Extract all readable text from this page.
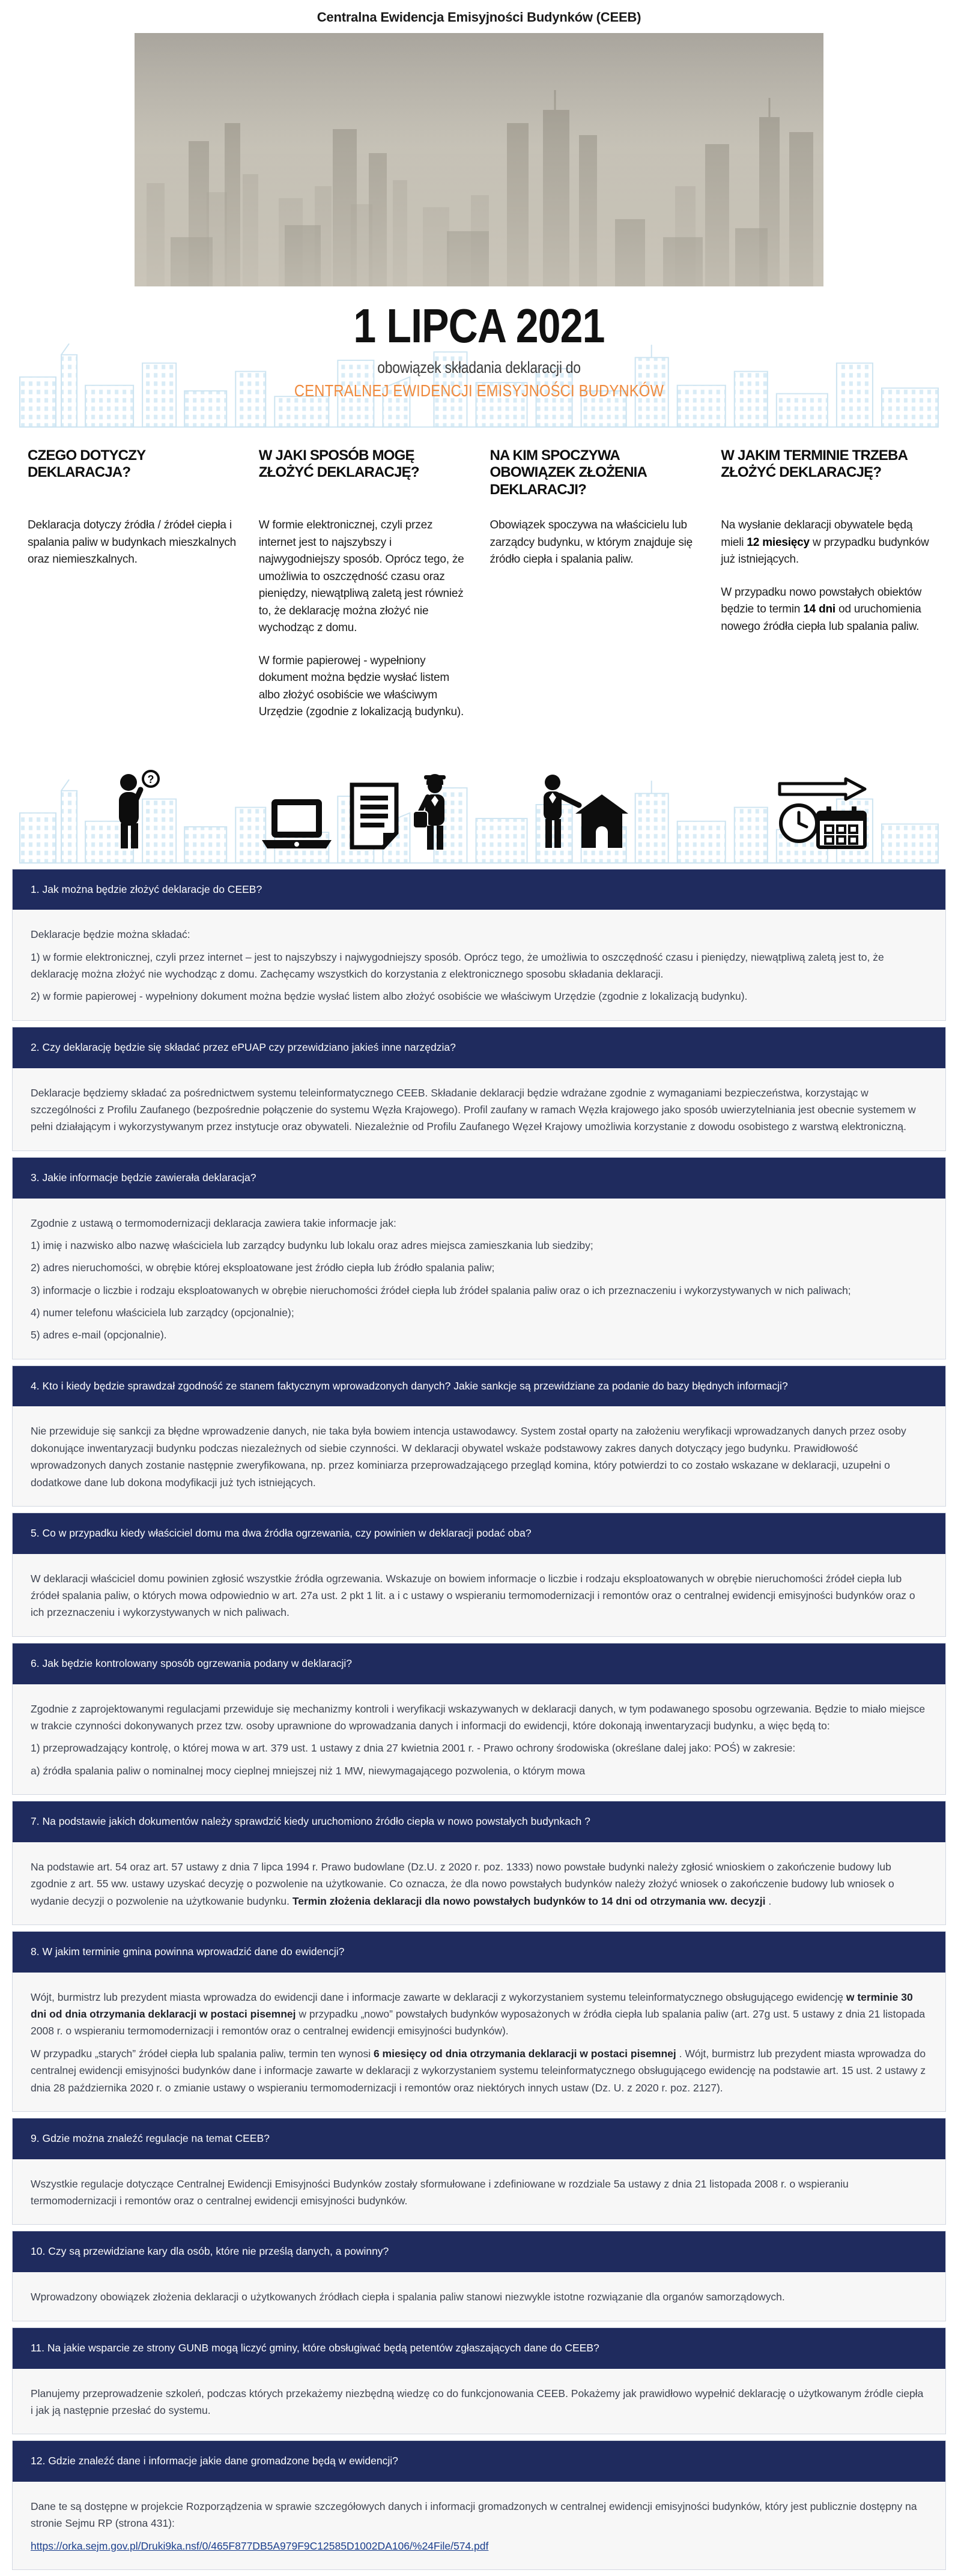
Centralna Ewidencja Emisyjności Budynków (CEEB)
1 LIPCA 2021
obowiązek składania deklaracji do
CENTRALNEJ EWIDENCJI EMISYJNOŚCI BUDYNKÓW
CZEGO DOTYCZY DEKLARACJA?

Deklaracja dotyczy źródła / źródeł ciepła i spalania paliw w budynkach mieszkalnych oraz niemieszkalnych.

W JAKI SPOSÓB MOGĘ ZŁOŻYĆ DEKLARACJĘ?

W formie elektronicznej, czyli przez internet jest to najszybszy i najwygodniejszy sposób. Oprócz tego, że umożliwia to oszczędność czasu oraz pieniędzy, niewątpliwą zaletą jest również to, że deklarację można złożyć nie wychodząc z domu.

W formie papierowej - wypełniony dokument można będzie wysłać listem albo złożyć osobiście we właściwym Urzędzie (zgodnie z lokalizacją budynku).

NA KIM SPOCZYWA OBOWIĄZEK ZŁOŻENIA DEKLARACJI?

Obowiązek spoczywa na właścicielu lub zarządcy budynku, w którym znajduje się źródło ciepła i spalania paliw.

W JAKIM TERMINIE TRZEBA ZŁOŻYĆ DEKLARACJĘ?

Na wysłanie deklaracji obywatele będą mieli 12 miesięcy w przypadku budynków już istniejących.

W przypadku nowo powstałych obiektów będzie to termin 14 dni od uruchomienia nowego źródła ciepła lub spalania paliw.

?
1. Jak można będzie złożyć deklaracje do CEEB?

Deklaracje będzie można składać:

1) w formie elektronicznej, czyli przez internet – jest to najszybszy i najwygodniejszy sposób. Oprócz tego, że umożliwia to oszczędność czasu i pieniędzy, niewątpliwą zaletą jest to, że deklarację można złożyć nie wychodząc z domu. Zachęcamy wszystkich do korzystania z elektronicznego sposobu składania deklaracji.

2) w formie papierowej - wypełniony dokument można będzie wysłać listem albo złożyć osobiście we właściwym Urzędzie (zgodnie z lokalizacją budynku).

2. Czy deklarację będzie się składać przez ePUAP czy przewidziano jakieś inne narzędzia?

Deklaracje będziemy składać za pośrednictwem systemu teleinformatycznego CEEB. Składanie deklaracji będzie wdrażane zgodnie z wymaganiami bezpieczeństwa, korzystając w szczególności z Profilu Zaufanego (bezpośrednie połączenie do systemu Węzła Krajowego). Profil zaufany w ramach Węzła krajowego jako sposób uwierzytelniania jest obecnie systemem w pełni działającym i wykorzystywanym przez instytucje oraz obywateli. Niezależnie od Profilu Zaufanego Węzeł Krajowy umożliwia korzystanie z dowodu osobistego z warstwą elektroniczną.

3. Jakie informacje będzie zawierała deklaracja?

Zgodnie z ustawą o termomodernizacji deklaracja zawiera takie informacje jak:

1) imię i nazwisko albo nazwę właściciela lub zarządcy budynku lub lokalu oraz adres miejsca zamieszkania lub siedziby;

2) adres nieruchomości, w obrębie której eksploatowane jest źródło ciepła lub źródło spalania paliw;

3) informacje o liczbie i rodzaju eksploatowanych w obrębie nieruchomości źródeł ciepła lub źródeł spalania paliw oraz o ich przeznaczeniu i wykorzystywanych w nich paliwach;

4) numer telefonu właściciela lub zarządcy (opcjonalnie);

5) adres e-mail (opcjonalnie).

4. Kto i kiedy będzie sprawdzał zgodność ze stanem faktycznym wprowadzonych danych? Jakie sankcje są przewidziane za podanie do bazy błędnych informacji?

Nie przewiduje się sankcji za błędne wprowadzenie danych, nie taka była bowiem intencja ustawodawcy. System został oparty na założeniu weryfikacji wprowadzanych danych przez osoby dokonujące inwentaryzacji budynku podczas niezależnych od siebie czynności. W deklaracji obywatel wskaże podstawowy zakres danych dotyczący jego budynku. Prawidłowość wprowadzonych danych zostanie następnie zweryfikowana, np. przez kominiarza przeprowadzającego przegląd komina, który potwierdzi to co zostało wskazane w deklaracji, uzupełni o dodatkowe dane lub dokona modyfikacji już tych istniejących.

5. Co w przypadku kiedy właściciel domu ma dwa źródła ogrzewania, czy powinien w deklaracji podać oba?

W deklaracji właściciel domu powinien zgłosić wszystkie źródła ogrzewania. Wskazuje on bowiem informacje o liczbie i rodzaju eksploatowanych w obrębie nieruchomości źródeł ciepła lub źródeł spalania paliw, o których mowa odpowiednio w art. 27a ust. 2 pkt 1 lit. a i c ustawy o wspieraniu termomodernizacji i remontów oraz o centralnej ewidencji emisyjności budynków oraz o ich przeznaczeniu i wykorzystywanych w nich paliwach.

6. Jak będzie kontrolowany sposób ogrzewania podany w deklaracji?

Zgodnie z zaprojektowanymi regulacjami przewiduje się mechanizmy kontroli i weryfikacji wskazywanych w deklaracji danych, w tym podawanego sposobu ogrzewania. Będzie to miało miejsce w trakcie czynności dokonywanych przez tzw. osoby uprawnione do wprowadzania danych i informacji do ewidencji, które dokonają inwentaryzacji budynku, a więc będą to:

1) przeprowadzający kontrolę, o której mowa w art. 379 ust. 1 ustawy z dnia 27 kwietnia 2001 r. - Prawo ochrony środowiska (określane dalej jako: POŚ) w zakresie:

a) źródła spalania paliw o nominalnej mocy cieplnej mniejszej niż 1 MW, niewymagającego pozwolenia, o którym mowa

7. Na podstawie jakich dokumentów należy sprawdzić kiedy uruchomiono źródło ciepła w nowo powstałych budynkach ?

Na podstawie art. 54 oraz art. 57 ustawy z dnia 7 lipca 1994 r. Prawo budowlane (Dz.U. z 2020 r. poz. 1333) nowo powstałe budynki należy zgłosić wnioskiem o zakończenie budowy lub zgodnie z art. 55 ww. ustawy uzyskać decyzję o pozwolenie na użytkowanie. Co oznacza, że dla nowo powstałych budynków należy złożyć wniosek o zakończenie budowy lub wniosek o wydanie decyzji o pozwolenie na użytkowanie budynku. Termin złożenia deklaracji dla nowo powstałych budynków to 14 dni od otrzymania ww. decyzji .

8. W jakim terminie gmina powinna wprowadzić dane do ewidencji?

Wójt, burmistrz lub prezydent miasta wprowadza do ewidencji dane i informacje zawarte w deklaracji z wykorzystaniem systemu teleinformatycznego obsługującego ewidencję w terminie 30 dni od dnia otrzymania deklaracji w postaci pisemnej w przypadku „nowo” powstałych budynków wyposażonych w źródła ciepła lub spalania paliw (art. 27g ust. 5 ustawy z dnia 21 listopada 2008 r. o wspieraniu termomodernizacji i remontów oraz o centralnej ewidencji emisyjności budynków).

W przypadku „starych” źródeł ciepła lub spalania paliw, termin ten wynosi 6 miesięcy od dnia otrzymania deklaracji w postaci pisemnej . Wójt, burmistrz lub prezydent miasta wprowadza do centralnej ewidencji emisyjności budynków dane i informacje zawarte w deklaracji z wykorzystaniem systemu teleinformatycznego obsługującego ewidencję na podstawie art. 15 ust. 2 ustawy z dnia 28 października 2020 r. o zmianie ustawy o wspieraniu termomodernizacji i remontów oraz niektórych innych ustaw (Dz. U. z 2020 r. poz. 2127).

9. Gdzie można znaleźć regulacje na temat CEEB?

Wszystkie regulacje dotyczące Centralnej Ewidencji Emisyjności Budynków zostały sformułowane i zdefiniowane w rozdziale 5a ustawy z dnia 21 listopada 2008 r. o wspieraniu termomodernizacji i remontów oraz o centralnej ewidencji emisyjności budynków.

10. Czy są przewidziane kary dla osób, które nie prześlą danych, a powinny?

Wprowadzony obowiązek złożenia deklaracji o użytkowanych źródłach ciepła i spalania paliw stanowi niezwykle istotne rozwiązanie dla organów samorządowych.

11. Na jakie wsparcie ze strony GUNB mogą liczyć gminy, które obsługiwać będą petentów zgłaszających dane do CEEB?

Planujemy przeprowadzenie szkoleń, podczas których przekażemy niezbędną wiedzę co do funkcjonowania CEEB. Pokażemy jak prawidłowo wypełnić deklarację o użytkowanym źródle ciepła i jak ją następnie przesłać do systemu.

12. Gdzie znaleźć dane i informacje jakie dane gromadzone będą w ewidencji?

Dane te są dostępne w projekcie Rozporządzenia w sprawie szczegółowych danych i informacji gromadzonych w centralnej ewidencji emisyjności budynków, który jest publicznie dostępny na stronie Sejmu RP (strona 431):

https://orka.sejm.gov.pl/Druki9ka.nsf/0/465F877DB5A979F9C12585D1002DA106/%24File/574.pdf
